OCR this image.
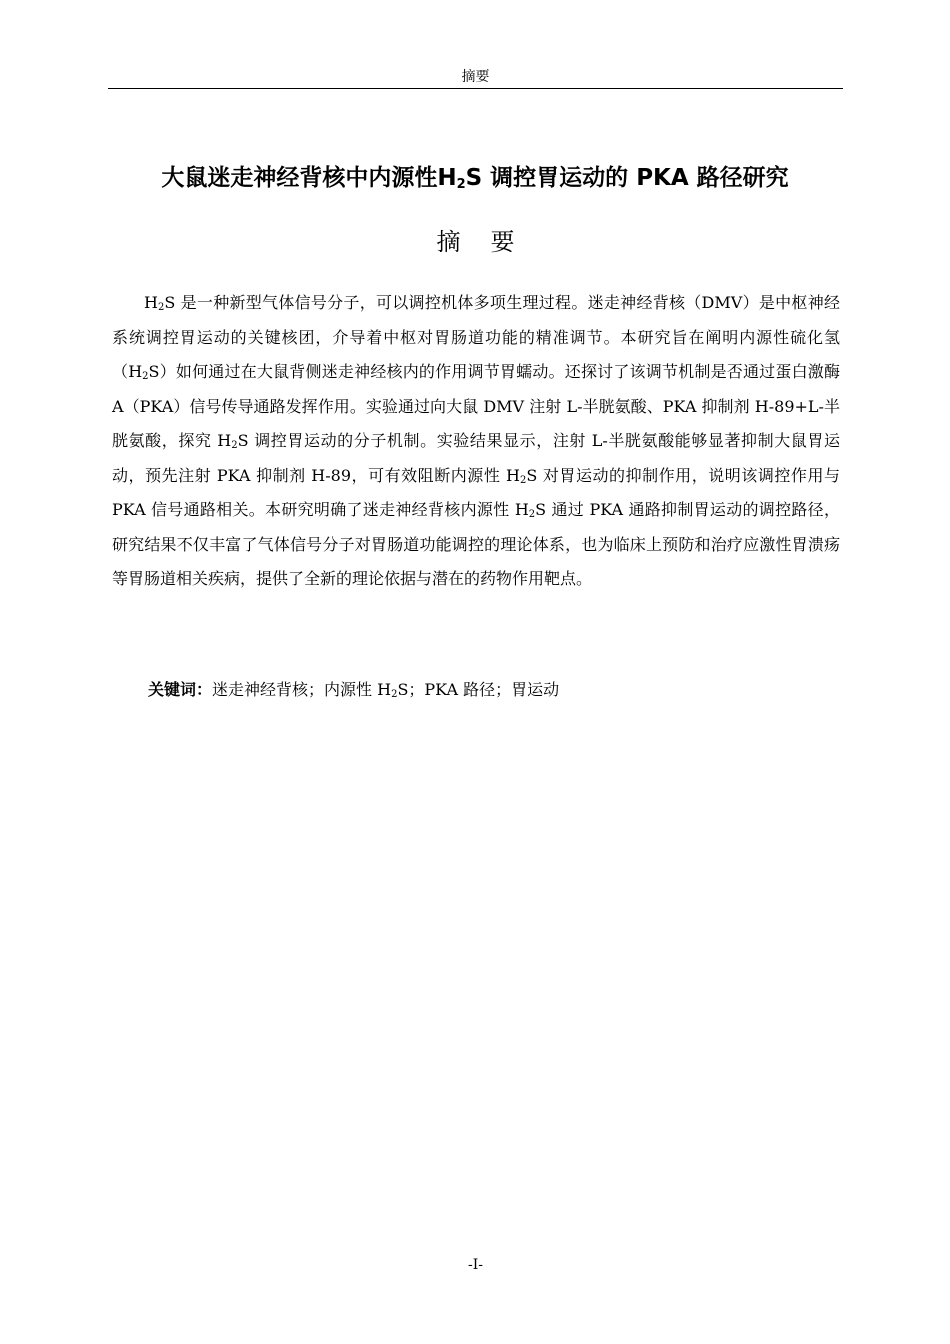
摘要
大鼠迷走神经背核中内源性$H_2S$ 调控胃运动的 PKA 路径研究
摘 要

$H_2S$ 是一种新型气体信号分子，可以调控机体多项生理过程。迷走神经背核（DMV）是中枢神经系统调控胃运动的关键核团，介导着中枢对胃肠道功能的精准调节。本研究旨在阐明内源性硫化氢$(H_2S)$如何通过在大鼠背侧迷走神经核内的作用调节胃蠕动。还探讨了该调节机制是否通过蛋白激酶 A（PKA）信号传导通路发挥作用。实验通过向大鼠 DMV 注射 L-半胱氨酸、PKA 抑制剂 H-89+L-半胱氨酸，探究 $H_2S$ 调控胃运动的分子机制。实验结果显示，注射 L-半胱氨酸能够显著抑制大鼠胃运动，预先注射 PKA 抑制剂 H-89，可有效阻断内源性 $H_2S$ 对胃运动的抑制作用，说明该调控作用与 PKA 信号通路相关。本研究明确了迷走神经背核内源性 $H_2S$ 通过 PKA 通路抑制胃运动的调控路径，研究结果不仅丰富了气体信号分子对胃肠道功能调控的理论体系，也为临床上预防和治疗应激性胃溃疡等胃肠道相关疾病，提供了全新的理论依据与潜在的药物作用靶点。

关键词：迷走神经背核；内源性 $H_2S$；PKA 路径；胃运动

-I-
